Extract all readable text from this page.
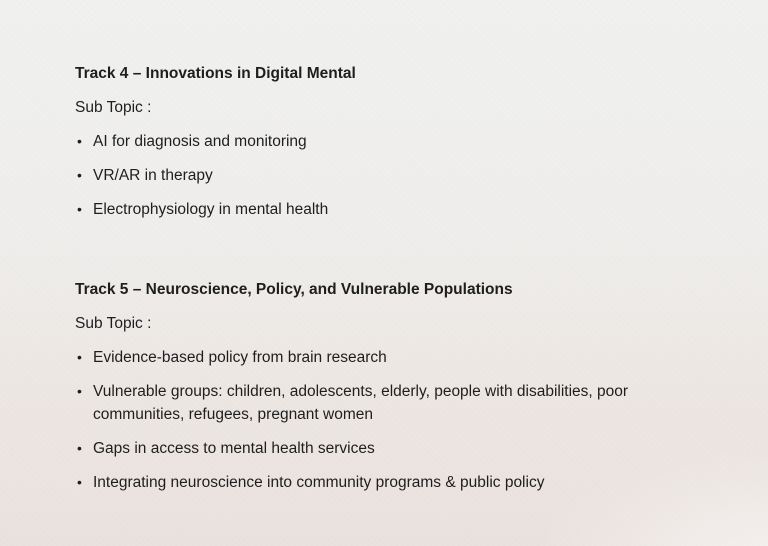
Track 4 – Innovations in Digital Mental

Sub Topic :

• AI for diagnosis and monitoring
• VR/AR in therapy
• Electrophysiology in mental health

Track 5 – Neuroscience, Policy, and Vulnerable Populations

Sub Topic :

• Evidence-based policy from brain research
• Vulnerable groups: children, adolescents, elderly, people with disabilities, poor communities, refugees, pregnant women
• Gaps in access to mental health services
• Integrating neuroscience into community programs & public policy
